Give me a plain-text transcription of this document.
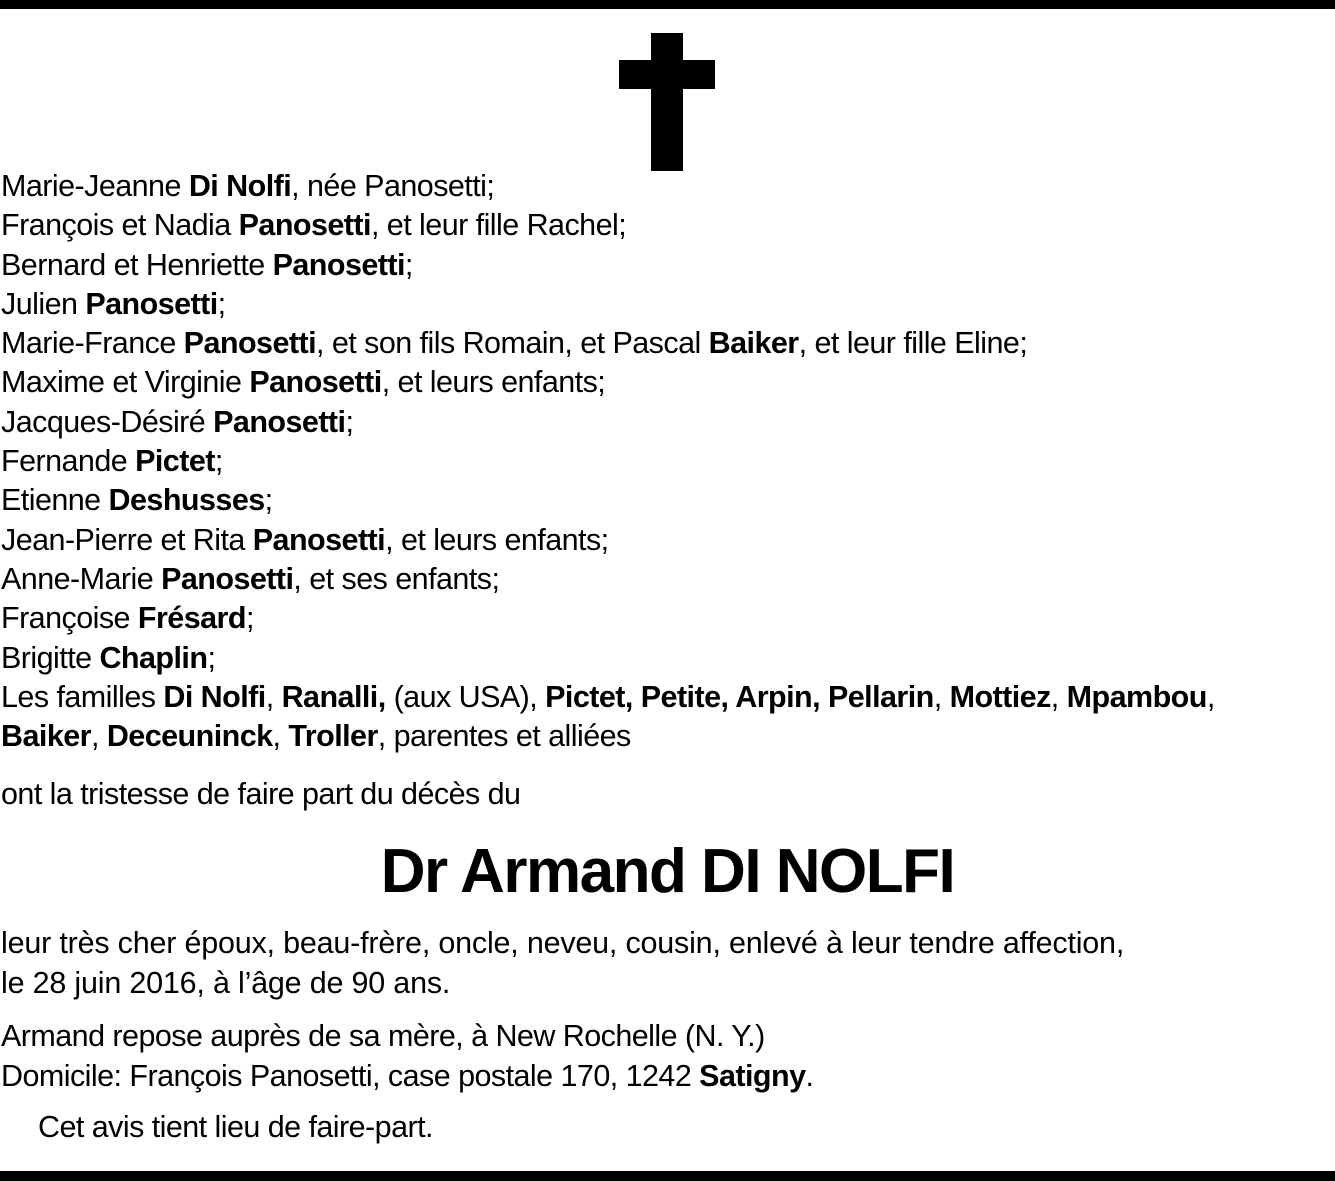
Marie-Jeanne Di Nolfi, née Panosetti;
François et Nadia Panosetti, et leur fille Rachel;
Bernard et Henriette Panosetti;
Julien Panosetti;
Marie-France Panosetti, et son fils Romain, et Pascal Baiker, et leur fille Eline;
Maxime et Virginie Panosetti, et leurs enfants;
Jacques-Désiré Panosetti;
Fernande Pictet;
Etienne Deshusses;
Jean-Pierre et Rita Panosetti, et leurs enfants;
Anne-Marie Panosetti, et ses enfants;
Françoise Frésard;
Brigitte Chaplin;
Les familles Di Nolfi, Ranalli, (aux USA), Pictet, Petite, Arpin, Pellarin, Mottiez, Mpambou,
Baiker, Deceuninck, Troller, parentes et alliées
ont la tristesse de faire part du décès du
Dr Armand DI NOLFI
leur très cher époux, beau-frère, oncle, neveu, cousin, enlevé à leur tendre affection,
le 28 juin 2016, à l’âge de 90 ans.
Armand repose auprès de sa mère, à New Rochelle (N. Y.)
Domicile: François Panosetti, case postale 170, 1242 Satigny.
Cet avis tient lieu de faire-part.
